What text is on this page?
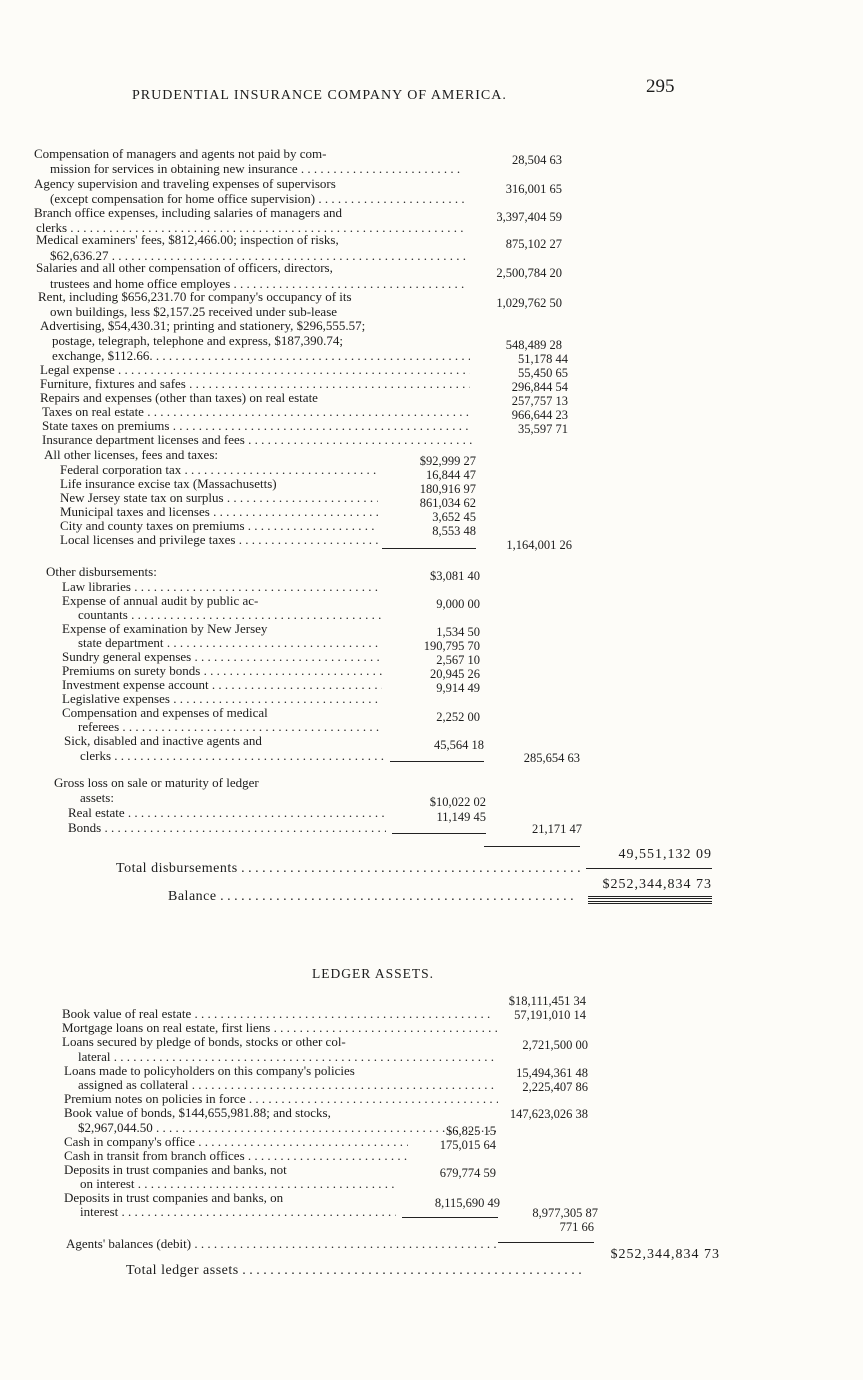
PRUDENTIAL INSURANCE COMPANY OF AMERICA.	295
Compensation of managers and agents not paid by com-
mission for services in obtaining new insurance . . .
28,504 63
Agency supervision and traveling expenses of supervisors
(except compensation for home office supervision) . . .
316,001 65
Branch office expenses, including salaries of managers and
clerks . . .
3,397,404 59
Medical examiners' fees, $812,466.00; inspection of risks,
$62,636.27 . . .
875,102 27
Salaries and all other compensation of officers, directors,
trustees and home office employes . . .
2,500,784 20
Rent, including $656,231.70 for company's occupancy of its
own buildings, less $2,157.25 received under sub-lease
1,029,762 50
Advertising, $54,430.31; printing and stationery, $296,555.57;
postage, telegraph, telephone and express, $187,390.74;
exchange, $112.66. . . .
548,489 28
Legal expense . . .
51,178 44
Furniture, fixtures and safes . . .
55,450 65
Repairs and expenses (other than taxes) on real estate
296,844 54
Taxes on real estate . . .
257,757 13
State taxes on premiums . . .
966,644 23
Insurance department licenses and fees . . .
35,597 71
All other licenses, fees and taxes:
Federal corporation tax . . .
$92,999 27
Life insurance excise tax (Massachusetts)
16,844 47
New Jersey state tax on surplus . . .
180,916 97
Municipal taxes and licenses . . .
861,034 62
City and county taxes on premiums . . .
3,652 45
Local licenses and privilege taxes . . .
8,553 48
1,164,001 26
Other disbursements:
Law libraries . . .
$3,081 40
Expense of annual audit by public ac-
countants . . .
9,000 00
Expense of examination by New Jersey
state department . . .
1,534 50
Sundry general expenses . . .
190,795 70
Premiums on surety bonds . . .
2,567 10
Investment expense account . . .
20,945 26
Legislative expenses . . .
9,914 49
Compensation and expenses of medical
referees . . .
2,252 00
Sick, disabled and inactive agents and
clerks . . .
45,564 18
285,654 63
Gross loss on sale or maturity of ledger
assets:
Real estate . . .
$10,022 02
Bonds . . .
11,149 45
21,171 47
Total disbursements . . .
49,551,132 09
Balance . . .
$252,344,834 73
LEDGER ASSETS.
Book value of real estate . . .
$18,111,451 34
Mortgage loans on real estate, first liens . . .
57,191,010 14
Loans secured by pledge of bonds, stocks or other col-
lateral . . .
2,721,500 00
Loans made to policyholders on this company's policies
assigned as collateral . . .
15,494,361 48
Premium notes on policies in force . . .
2,225,407 86
Book value of bonds, $144,655,981.88; and stocks,
$2,967,044.50 . . .
147,623,026 38
Cash in company's office . . .
$6,825 15
Cash in transit from branch offices . . .
175,015 64
Deposits in trust companies and banks, not
on interest . . .
679,774 59
Deposits in trust companies and banks, on
interest . . .
8,115,690 49
8,977,305 87
771 66
Agents' balances (debit) . . .
Total ledger assets . . .
$252,344,834 73
